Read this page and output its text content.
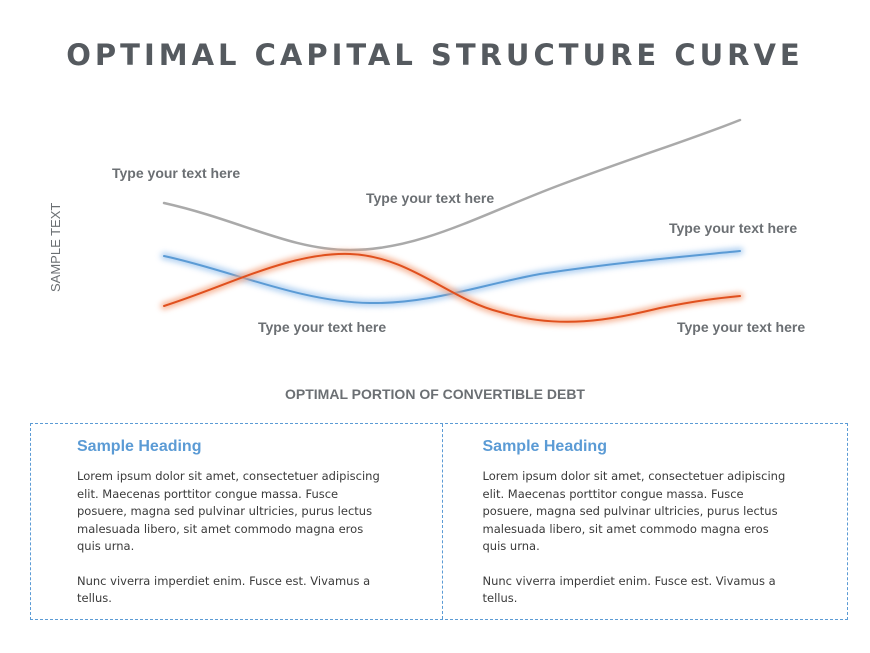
OPTIMAL CAPITAL STRUCTURE CURVE
SAMPLE TEXT
Type your text here
Type your text here
Type your text here
Type your text here	Type your text here
OPTIMAL PORTION OF CONVERTIBLE DEBT
Sample Heading

Lorem ipsum dolor sit amet, consectetuer adipiscing elit. Maecenas porttitor congue massa. Fusce posuere, magna sed pulvinar ultricies, purus lectus malesuada libero, sit amet commodo magna eros quis urna.

Nunc viverra imperdiet enim. Fusce est. Vivamus a tellus.

Sample Heading

Lorem ipsum dolor sit amet, consectetuer adipiscing elit. Maecenas porttitor congue massa. Fusce posuere, magna sed pulvinar ultricies, purus lectus malesuada libero, sit amet commodo magna eros quis urna.

Nunc viverra imperdiet enim. Fusce est. Vivamus a tellus.
